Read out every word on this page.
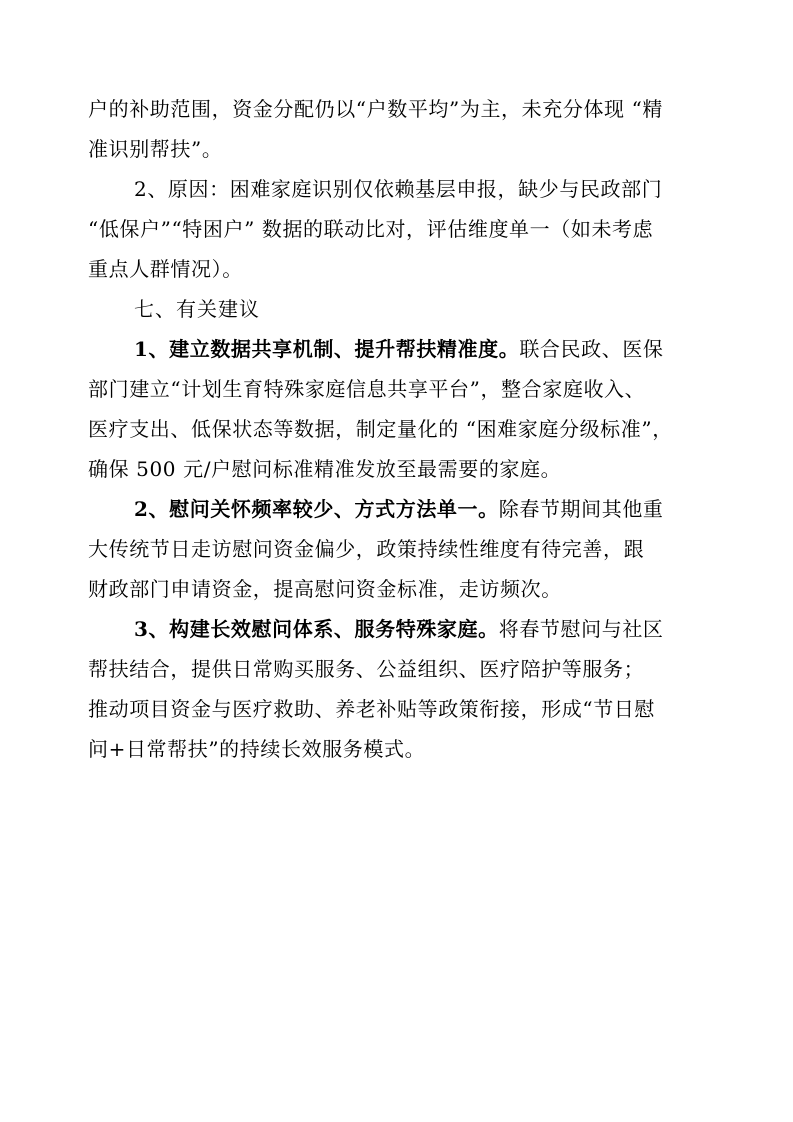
户的补助范围，资金分配仍以“户数平均”为主，未充分体现 “精
准识别帮扶”。
2、原因：困难家庭识别仅依赖基层申报，缺少与民政部门
“低保户”“特困户” 数据的联动比对，评估维度单一（如未考虑
重点人群情况）。
七、有关建议
1、建立数据共享机制、提升帮扶精准度。联合民政、医保
部门建立“计划生育特殊家庭信息共享平台”，整合家庭收入、
医疗支出、低保状态等数据，制定量化的 “困难家庭分级标准”，
确保 500 元/户慰问标准精准发放至最需要的家庭。
2、慰问关怀频率较少、方式方法单一。除春节期间其他重
大传统节日走访慰问资金偏少，政策持续性维度有待完善，跟
财政部门申请资金，提高慰问资金标准，走访频次。
3、构建长效慰问体系、服务特殊家庭。将春节慰问与社区
帮扶结合，提供日常购买服务、公益组织、医疗陪护等服务；
推动项目资金与医疗救助、养老补贴等政策衔接，形成“节日慰
问+日常帮扶”的持续长效服务模式。
